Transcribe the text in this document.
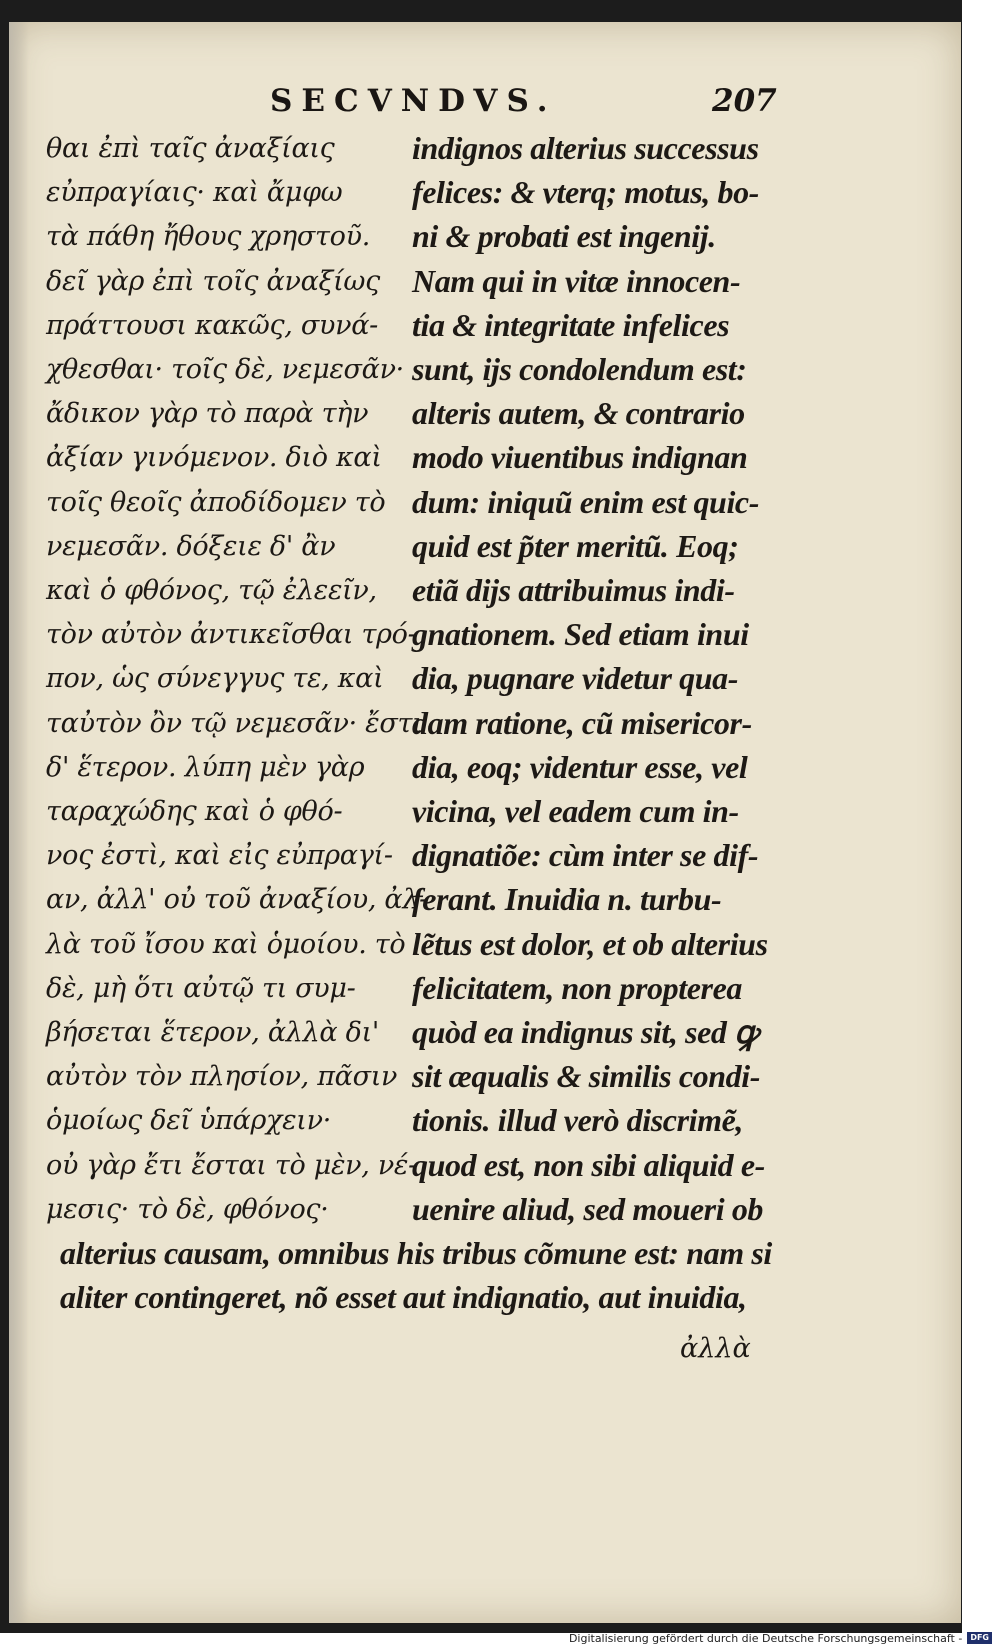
SECVNDVS.	207
θαι ἐπὶ ταῖς ἀναξίαις
εὐπραγίαις· καὶ ἄμφω
τὰ πάθη ἤθους χρηστοῦ.
δεῖ γὰρ ἐπὶ τοῖς ἀναξίως
πράττουσι κακῶς, συνά-
χθεσθαι· τοῖς δὲ, νεμεσᾶν·
ἄδικον γὰρ τὸ παρὰ τὴν
ἀξίαν γινόμενον. διὸ καὶ
τοῖς θεοῖς ἀποδίδομεν τὸ
νεμεσᾶν. δόξειε δ' ἂν
καὶ ὁ φθόνος, τῷ ἐλεεῖν,
τὸν αὐτὸν ἀντικεῖσθαι τρό-
πον, ὡς σύνεγγυς τε, καὶ
ταὐτὸν ὂν τῷ νεμεσᾶν· ἔστι
δ' ἕτερον. λύπη μὲν γὰρ
ταραχώδης καὶ ὁ φθό-
νος ἐστὶ, καὶ εἰς εὐπραγί-
αν, ἀλλ' οὐ τοῦ ἀναξίου, ἀλ-
λὰ τοῦ ἴσου καὶ ὁμοίου. τὸ
δὲ, μὴ ὅτι αὐτῷ τι συμ-
βήσεται ἕτερον, ἀλλὰ δι'
αὐτὸν τὸν πλησίον, πᾶσιν
ὁμοίως δεῖ ὑπάρχειν·
οὐ γὰρ ἔτι ἔσται τὸ μὲν, νέ-
μεσις· τὸ δὲ, φθόνος·
indignos alterius successus
felices: & vterq; motus, bo-
ni & probati est ingenij.
Nam qui in vitæ innocen-
tia & integritate infelices
sunt, ijs condolendum est:
alteris autem, & contrario
modo viuentibus indignan
dum: iniquũ enim est quic-
quid est p̃ter meritũ. Eoq;
etiã dijs attribuimus indi-
gnationem. Sed etiam inui
dia, pugnare videtur qua-
dam ratione, cũ misericor-
dia, eoq; videntur esse, vel
vicina, vel eadem cum in-
dignatiõe: cùm inter se dif-
ferant. Inuidia n. turbu-
lẽtus est dolor, et ob alterius
felicitatem, non propterea
quòd ea indignus sit, sed ꝙ
sit æqualis & similis condi-
tionis. illud verò discrimẽ,
quod est, non sibi aliquid e-
uenire aliud, sed moueri ob
alterius causam, omnibus his tribus cõmune est: nam si
aliter contingeret, nõ esset aut indignatio, aut inuidia,
ἀλλὰ
Digitalisierung gefördert durch die Deutsche Forschungsgemeinschaft -	DFG
